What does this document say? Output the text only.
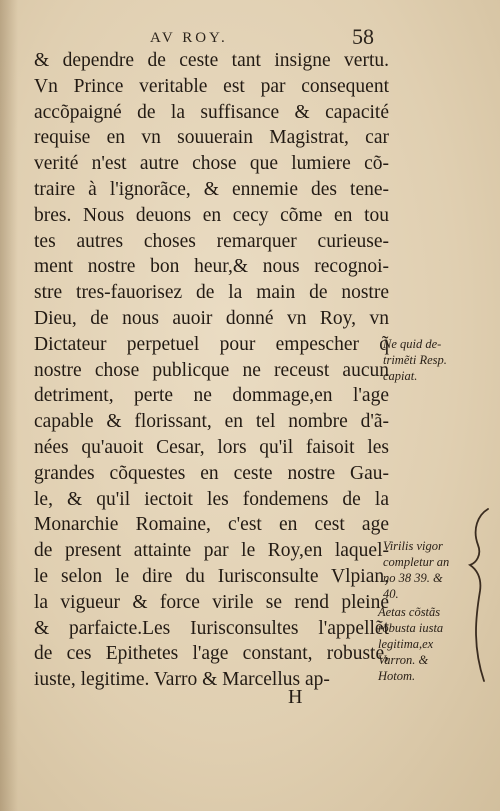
AV ROY.	58
& dependre de ceste tant insigne vertu.
Vn Prince veritable est par consequent
accõpaigné de la suffisance & capacité
requise en vn souuerain Magistrat, car
verité n'est autre chose que lumiere cõ-
traire à l'ignorãce, & ennemie des tene-
bres. Nous deuons en cecy cõme en tou
tes autres choses remarquer curieuse-
ment nostre bon heur,& nous recognoi-
stre tres-fauorisez de la main de nostre
Dieu, de nous auoir donné vn Roy, vn
Dictateur perpetuel pour empescher q̃
nostre chose publicque ne receust aucun
detriment, perte ne dommage,en l'age
capable & florissant, en tel nombre d'ã-
nées qu'auoit Cesar, lors qu'il faisoit les
grandes cõquestes en ceste nostre Gau-
le, & qu'il iectoit les fondemens de la
Monarchie Romaine, c'est en cest age
de present attainte par le Roy,en laquel-
le selon le dire du Iurisconsulte Vlpian,
la vigueur & force virile se rend pleine
& parfaicte.Les Iurisconsultes l'appellẽt
de ces Epithetes l'age constant, robuste,
iuste, legitime. Varro & Marcellus ap-
H
Ne quid de-
trimẽti Resp.
capiat.
Virilis vigor
completur an
no 38 39. &
40.
Aetas cõstãs
robusta iusta
legitima,ex
Varron. &
Hotom.
